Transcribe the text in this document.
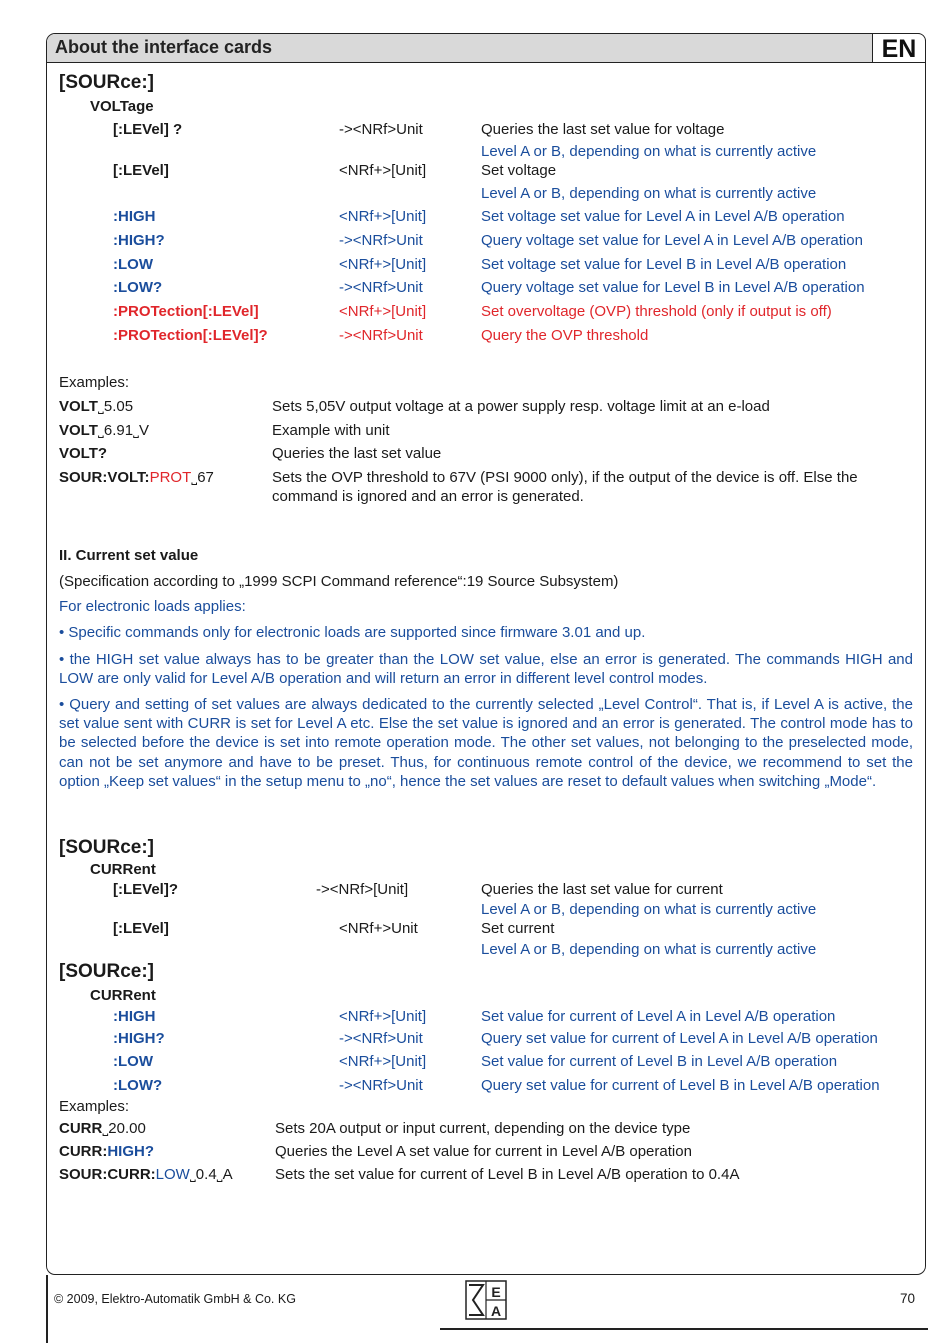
About the interface cards	EN
[SOURce:]
VOLTage
[:LEVel] ?	-><NRf>Unit	Queries the last set value for voltage
Level A or B, depending on what is currently active
[:LEVel]	<NRf+>[Unit]	Set voltage
Level A or B, depending on what is currently active
:HIGH	<NRf+>[Unit]	Set voltage set value for Level A in Level A/B operation
:HIGH?	-><NRf>Unit	Query voltage set value for Level A in Level A/B operation
:LOW	<NRf+>[Unit]	Set voltage set value for Level B in Level A/B operation
:LOW?	-><NRf>Unit	Query voltage set value for Level B in Level A/B operation
:PROTection[:LEVel]	<NRf+>[Unit]	Set overvoltage (OVP) threshold (only if output is off)
:PROTection[:LEVel]?	-><NRf>Unit	Query the OVP threshold
Examples:
VOLT˽5.05	Sets 5,05V output voltage at a power supply resp. voltage limit at an e-load
VOLT˽6.91˽V	Example with unit
VOLT?	Queries the last set value
SOUR:VOLT:PROT˽67	Sets the OVP threshold to 67V (PSI 9000 only), if the output of the device is off. Else the
command is ignored and an error is generated.
II. Current set value
(Specification according to „1999 SCPI Command reference“:19 Source Subsystem)
For electronic loads applies:
• Specific commands only for electronic loads are supported since firmware 3.01 and up.
• the HIGH set value always has to be greater than the LOW set value, else an error is generated. The commands HIGH and LOW are only valid for Level A/B operation and will return an error in different level control modes.
• Query and setting of set values are always dedicated to the currently selected „Level Control“. That is, if Level A is active, the set value sent with CURR is set for Level A etc. Else the set value is ignored and an error is generated. The control mode has to be selected before the device is set into remote operation mode. The other set values, not belonging to the preselected mode, can not be set anymore and have to be preset. Thus, for continuous remote control of the device, we recommend to set the option „Keep set values“ in the setup menu to „no“, hence the set values are reset to default values when switching „Mode“.
[SOURce:]
CURRent
[:LEVel]?	-><NRf>[Unit]	Queries the last set value for current
Level A or B, depending on what is currently active
[:LEVel]	<NRf+>Unit	Set current
Level A or B, depending on what is currently active
[SOURce:]
CURRent
:HIGH	<NRf+>[Unit]	Set value for current of Level A in Level A/B operation
:HIGH?	-><NRf>Unit	Query set value for current of Level A in Level A/B operation
:LOW	<NRf+>[Unit]	Set value for current of Level B in Level A/B operation
:LOW?	-><NRf>Unit	Query set value for current of Level B in Level A/B operation
Examples:
CURR˽20.00	Sets 20A output or input current, depending on the device type
CURR:HIGH?	Queries the Level A set value for current in Level A/B operation
SOUR:CURR:LOW˽0.4˽A	Sets the set value for current of Level B in Level A/B operation to 0.4A
© 2009, Elektro-Automatik GmbH & Co. KG	E
A
70
